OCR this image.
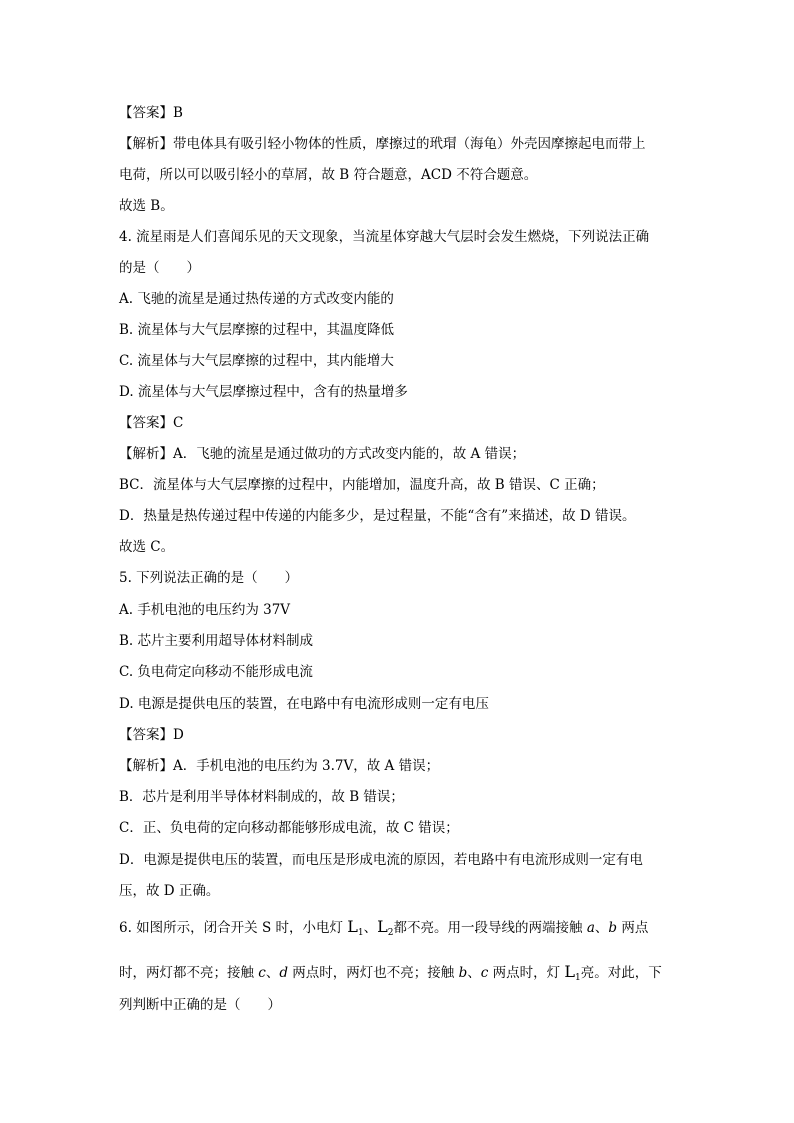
【答案】B
【解析】带电体具有吸引轻小物体的性质，摩擦过的玳瑁（海龟）外壳因摩擦起电而带上
电荷，所以可以吸引轻小的草屑，故 B 符合题意，ACD 不符合题意。
故选 B。
4. 流星雨是人们喜闻乐见的天文现象，当流星体穿越大气层时会发生燃烧，下列说法正确
的是（　　）
A. 飞驰的流星是通过热传递的方式改变内能的
B. 流星体与大气层摩擦的过程中，其温度降低
C. 流星体与大气层摩擦的过程中，其内能增大
D. 流星体与大气层摩擦过程中，含有的热量增多
【答案】C
【解析】A．飞驰的流星是通过做功的方式改变内能的，故 A 错误；
BC．流星体与大气层摩擦的过程中，内能增加，温度升高，故 B 错误、C 正确；
D．热量是热传递过程中传递的内能多少，是过程量，不能“含有”来描述，故 D 错误。
故选 C。
5. 下列说法正确的是（　　）
A. 手机电池的电压约为 37V
B. 芯片主要利用超导体材料制成
C. 负电荷定向移动不能形成电流
D. 电源是提供电压的装置，在电路中有电流形成则一定有电压
【答案】D
【解析】A．手机电池的电压约为 3.7V，故 A 错误；
B．芯片是利用半导体材料制成的，故 B 错误；
C．正、负电荷的定向移动都能够形成电流，故 C 错误；
D．电源是提供电压的装置，而电压是形成电流的原因，若电路中有电流形成则一定有电
压，故 D 正确。
6. 如图所示，闭合开关 S 时，小电灯 $L_1$、$L_2$都不亮。用一段导线的两端接触 a、b 两点
时，两灯都不亮；接触 c、d 两点时，两灯也不亮；接触 b、c 两点时，灯 $L_1$亮。对此，下
列判断中正确的是（　　）
